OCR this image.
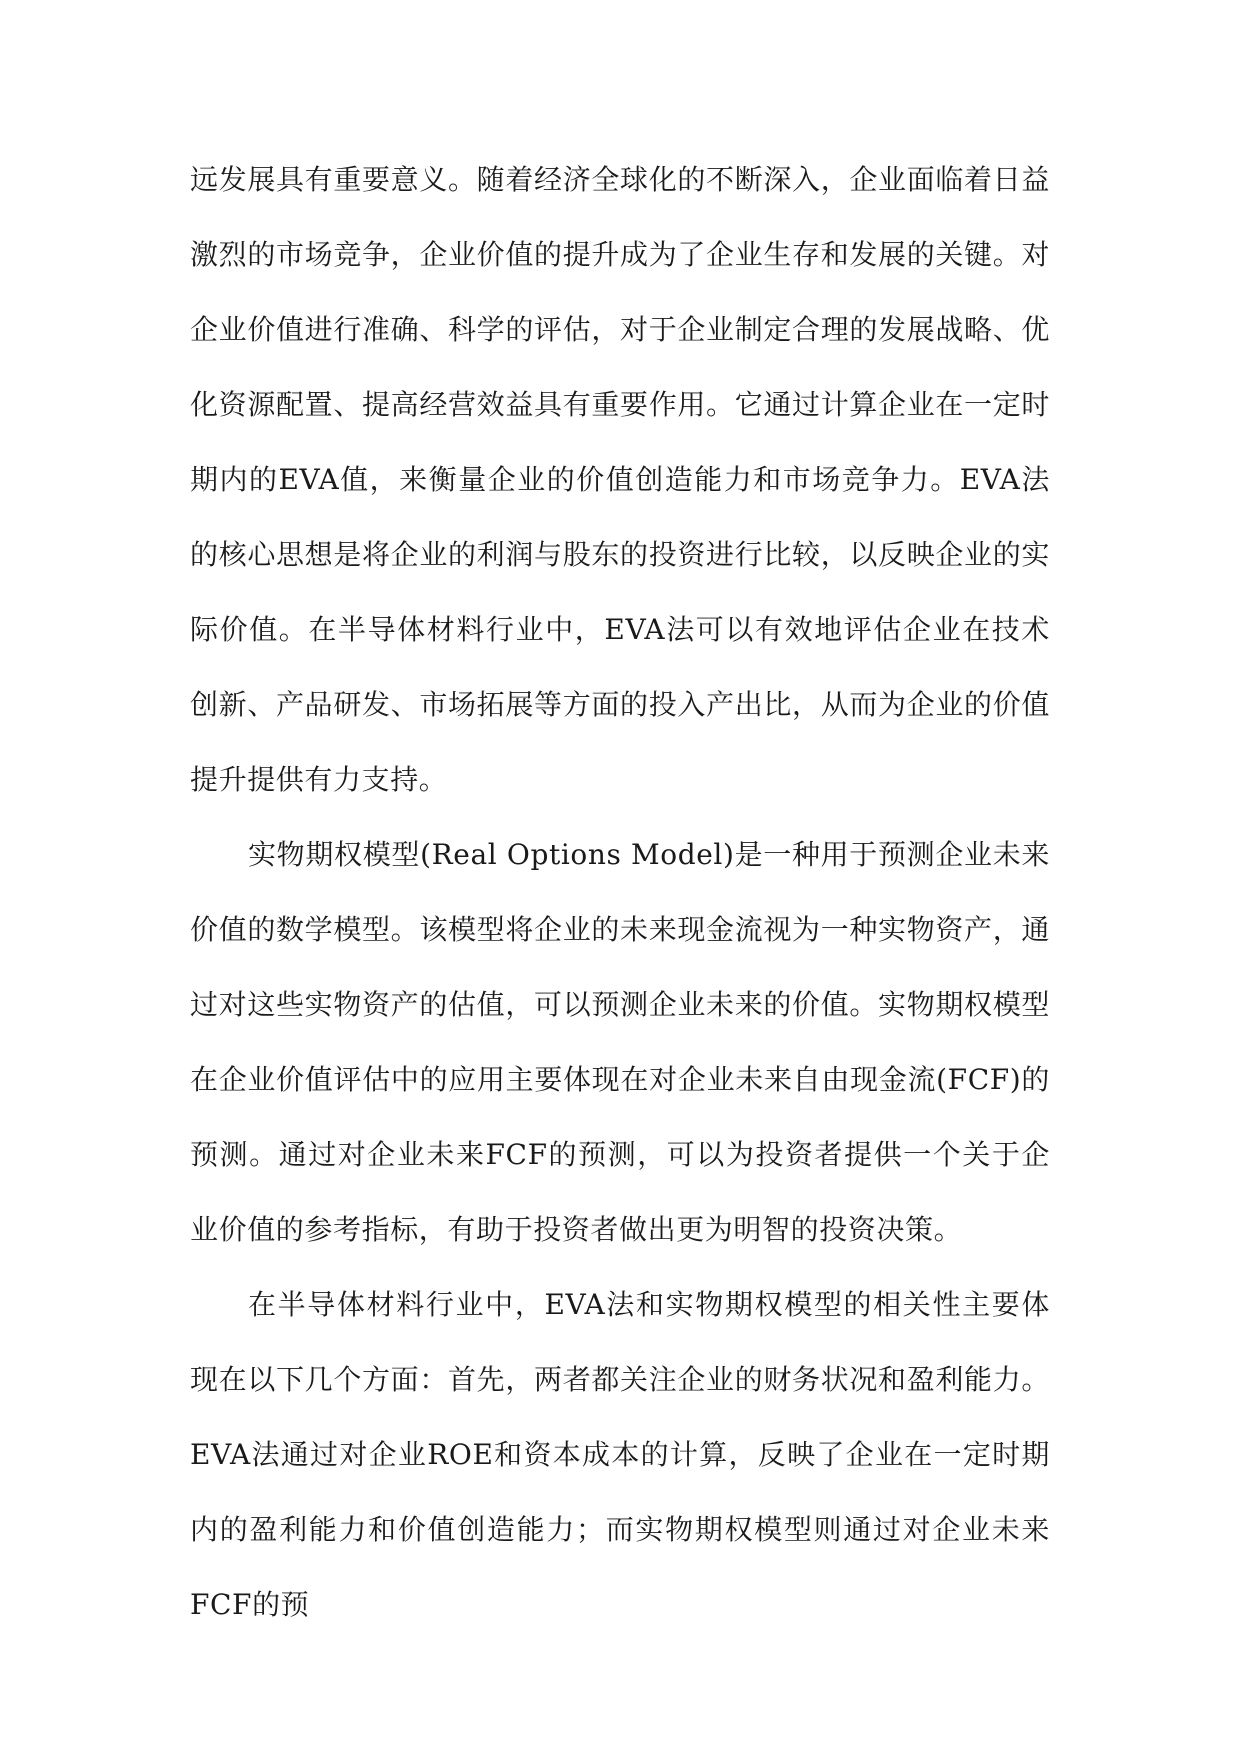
远发展具有重要意义。随着经济全球化的不断深入，企业面临着日益激烈的市场竞争，企业价值的提升成为了企业生存和发展的关键。对企业价值进行准确、科学的评估，对于企业制定合理的发展战略、优化资源配置、提高经营效益具有重要作用。它通过计算企业在一定时期内的EVA值，来衡量企业的价值创造能力和市场竞争力。EVA法的核心思想是将企业的利润与股东的投资进行比较，以反映企业的实际价值。在半导体材料行业中，EVA法可以有效地评估企业在技术创新、产品研发、市场拓展等方面的投入产出比，从而为企业的价值提升提供有力支持。

实物期权模型(Real Options Model)是一种用于预测企业未来价值的数学模型。该模型将企业的未来现金流视为一种实物资产，通过对这些实物资产的估值，可以预测企业未来的价值。实物期权模型在企业价值评估中的应用主要体现在对企业未来自由现金流(FCF)的预测。通过对企业未来FCF的预测，可以为投资者提供一个关于企业价值的参考指标，有助于投资者做出更为明智的投资决策。

在半导体材料行业中，EVA法和实物期权模型的相关性主要体现在以下几个方面：首先，两者都关注企业的财务状况和盈利能力。EVA法通过对企业ROE和资本成本的计算，反映了企业在一定时期内的盈利能力和价值创造能力；而实物期权模型则通过对企业未来FCF的预
